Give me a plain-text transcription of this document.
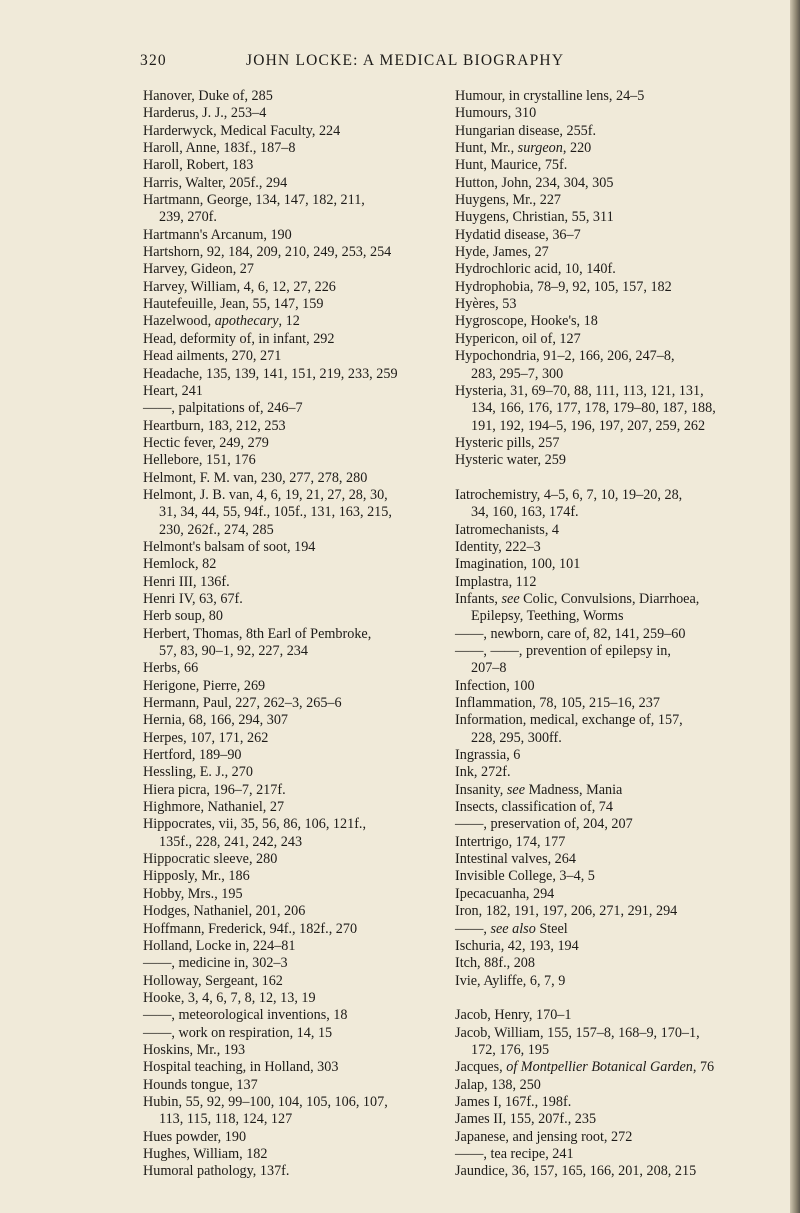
320	JOHN LOCKE: A MEDICAL BIOGRAPHY

Hanover, Duke of, 285

Harderus, J. J., 253–4

Harderwyck, Medical Faculty, 224

Haroll, Anne, 183f., 187–8

Haroll, Robert, 183

Harris, Walter, 205f., 294

Hartmann, George, 134, 147, 182, 211,

239, 270f.

Hartmann's Arcanum, 190

Hartshorn, 92, 184, 209, 210, 249, 253, 254

Harvey, Gideon, 27

Harvey, William, 4, 6, 12, 27, 226

Hautefeuille, Jean, 55, 147, 159

Hazelwood, apothecary, 12

Head, deformity of, in infant, 292

Head ailments, 270, 271

Headache, 135, 139, 141, 151, 219, 233, 259

Heart, 241

——, palpitations of, 246–7

Heartburn, 183, 212, 253

Hectic fever, 249, 279

Hellebore, 151, 176

Helmont, F. M. van, 230, 277, 278, 280

Helmont, J. B. van, 4, 6, 19, 21, 27, 28, 30,

31, 34, 44, 55, 94f., 105f., 131, 163, 215,

230, 262f., 274, 285

Helmont's balsam of soot, 194

Hemlock, 82

Henri III, 136f.

Henri IV, 63, 67f.

Herb soup, 80

Herbert, Thomas, 8th Earl of Pembroke,

57, 83, 90–1, 92, 227, 234

Herbs, 66

Herigone, Pierre, 269

Hermann, Paul, 227, 262–3, 265–6

Hernia, 68, 166, 294, 307

Herpes, 107, 171, 262

Hertford, 189–90

Hessling, E. J., 270

Hiera picra, 196–7, 217f.

Highmore, Nathaniel, 27

Hippocrates, vii, 35, 56, 86, 106, 121f.,

135f., 228, 241, 242, 243

Hippocratic sleeve, 280

Hipposly, Mr., 186

Hobby, Mrs., 195

Hodges, Nathaniel, 201, 206

Hoffmann, Frederick, 94f., 182f., 270

Holland, Locke in, 224–81

——, medicine in, 302–3

Holloway, Sergeant, 162

Hooke, 3, 4, 6, 7, 8, 12, 13, 19

——, meteorological inventions, 18

——, work on respiration, 14, 15

Hoskins, Mr., 193

Hospital teaching, in Holland, 303

Hounds tongue, 137

Hubin, 55, 92, 99–100, 104, 105, 106, 107,

113, 115, 118, 124, 127

Hues powder, 190

Hughes, William, 182

Humoral pathology, 137f.

Humour, in crystalline lens, 24–5

Humours, 310

Hungarian disease, 255f.

Hunt, Mr., surgeon, 220

Hunt, Maurice, 75f.

Hutton, John, 234, 304, 305

Huygens, Mr., 227

Huygens, Christian, 55, 311

Hydatid disease, 36–7

Hyde, James, 27

Hydrochloric acid, 10, 140f.

Hydrophobia, 78–9, 92, 105, 157, 182

Hyères, 53

Hygroscope, Hooke's, 18

Hypericon, oil of, 127

Hypochondria, 91–2, 166, 206, 247–8,

283, 295–7, 300

Hysteria, 31, 69–70, 88, 111, 113, 121, 131,

134, 166, 176, 177, 178, 179–80, 187, 188,

191, 192, 194–5, 196, 197, 207, 259, 262

Hysteric pills, 257

Hysteric water, 259

Iatrochemistry, 4–5, 6, 7, 10, 19–20, 28,

34, 160, 163, 174f.

Iatromechanists, 4

Identity, 222–3

Imagination, 100, 101

Implastra, 112

Infants, see Colic, Convulsions, Diarrhoea,

Epilepsy, Teething, Worms

——, newborn, care of, 82, 141, 259–60

——, ——, prevention of epilepsy in,

207–8

Infection, 100

Inflammation, 78, 105, 215–16, 237

Information, medical, exchange of, 157,

228, 295, 300ff.

Ingrassia, 6

Ink, 272f.

Insanity, see Madness, Mania

Insects, classification of, 74

——, preservation of, 204, 207

Intertrigo, 174, 177

Intestinal valves, 264

Invisible College, 3–4, 5

Ipecacuanha, 294

Iron, 182, 191, 197, 206, 271, 291, 294

——, see also Steel

Ischuria, 42, 193, 194

Itch, 88f., 208

Ivie, Ayliffe, 6, 7, 9

Jacob, Henry, 170–1

Jacob, William, 155, 157–8, 168–9, 170–1,

172, 176, 195

Jacques, of Montpellier Botanical Garden, 76

Jalap, 138, 250

James I, 167f., 198f.

James II, 155, 207f., 235

Japanese, and jensing root, 272

——, tea recipe, 241

Jaundice, 36, 157, 165, 166, 201, 208, 215
